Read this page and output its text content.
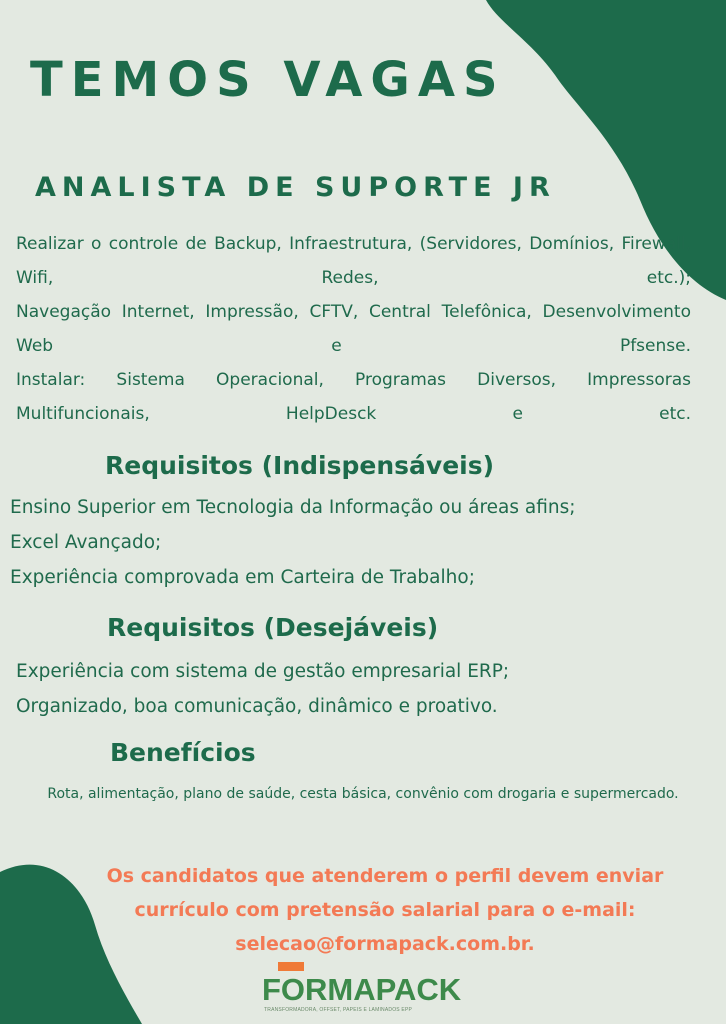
TEMOS VAGAS
ANALISTA DE SUPORTE JR

Realizar o controle de Backup, Infraestrutura, (Servidores, Domínios, Firewall, Wifi, Redes, etc.);

Navegação Internet, Impressão, CFTV, Central Telefônica, Desenvolvimento Web e Pfsense.

Instalar: Sistema Operacional, Programas Diversos, Impressoras Multifuncionais, HelpDesck e etc.

Requisitos (Indispensáveis)
Ensino Superior em Tecnologia da Informação ou áreas afins;
Excel Avançado;
Experiência comprovada em Carteira de Trabalho;
Requisitos (Desejáveis)
Experiência com sistema de gestão empresarial ERP;
Organizado, boa comunicação, dinâmico e proativo.
Benefícios

Rota, alimentação, plano de saúde, cesta básica, convênio com drogaria e supermercado.

Os candidatos que atenderem o perfil devem enviar
currículo com pretensão salarial para o e-mail:
selecao@formapack.com.br.
FORMAPACK
TRANSFORMADORA, OFFSET, PAPEIS E LAMINADOS EPP
